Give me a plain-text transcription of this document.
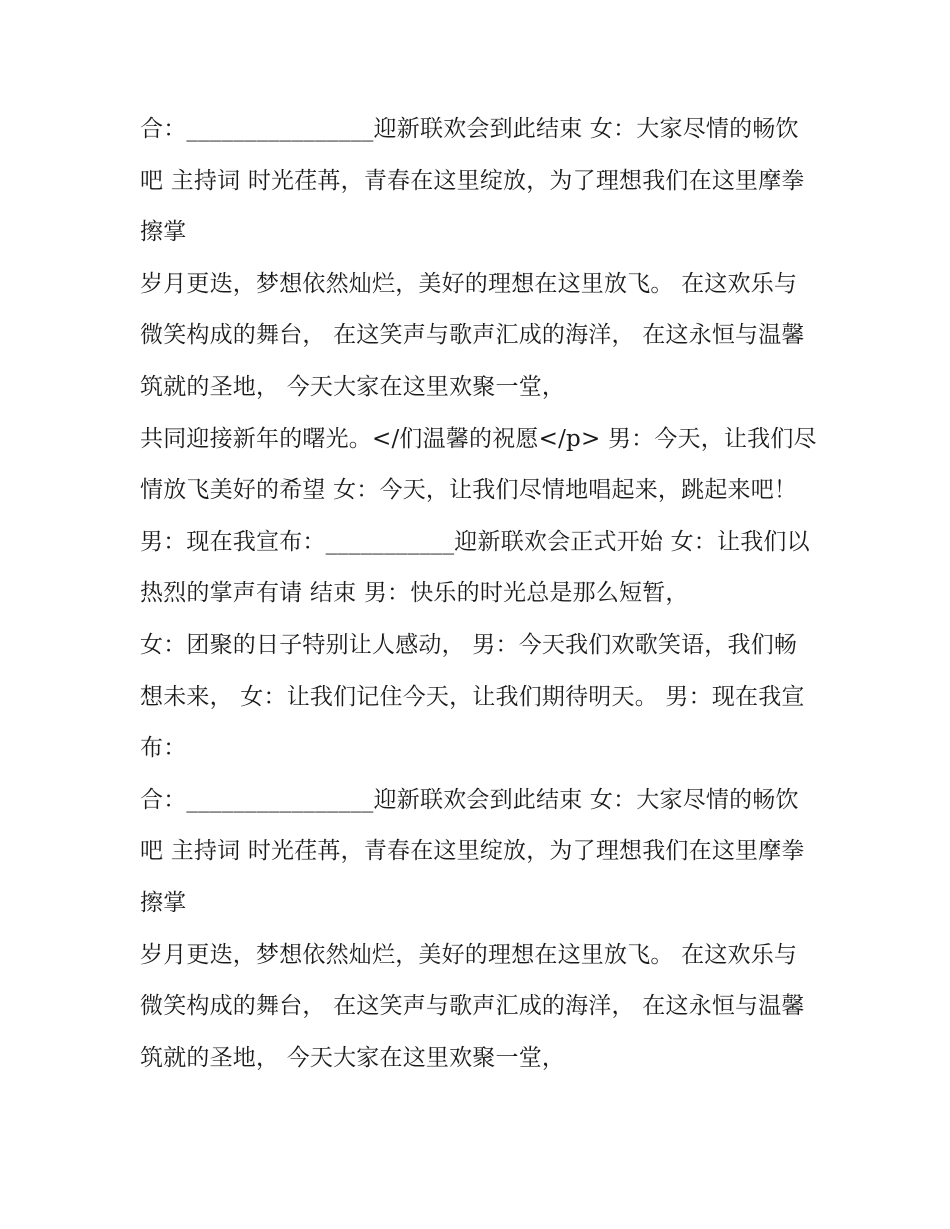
合：________________迎新联欢会到此结束 女：大家尽情的畅饮吧 主持词 时光荏苒，青春在这里绽放，为了理想我们在这里摩拳擦掌

岁月更迭，梦想依然灿烂，美好的理想在这里放飞。 在这欢乐与微笑构成的舞台， 在这笑声与歌声汇成的海洋， 在这永恒与温馨筑就的圣地， 今天大家在这里欢聚一堂，

共同迎接新年的曙光。</们温馨的祝愿</p> 男：今天，让我们尽情放飞美好的希望 女：今天，让我们尽情地唱起来，跳起来吧！

男：现在我宣布：___________迎新联欢会正式开始 女：让我们以热烈的掌声有请 结束 男：快乐的时光总是那么短暂，

女：团聚的日子特别让人感动， 男：今天我们欢歌笑语，我们畅想未来， 女：让我们记住今天，让我们期待明天。 男：现在我宣布：

合：________________迎新联欢会到此结束 女：大家尽情的畅饮吧 主持词 时光荏苒，青春在这里绽放，为了理想我们在这里摩拳擦掌

岁月更迭，梦想依然灿烂，美好的理想在这里放飞。 在这欢乐与微笑构成的舞台， 在这笑声与歌声汇成的海洋， 在这永恒与温馨筑就的圣地， 今天大家在这里欢聚一堂，
